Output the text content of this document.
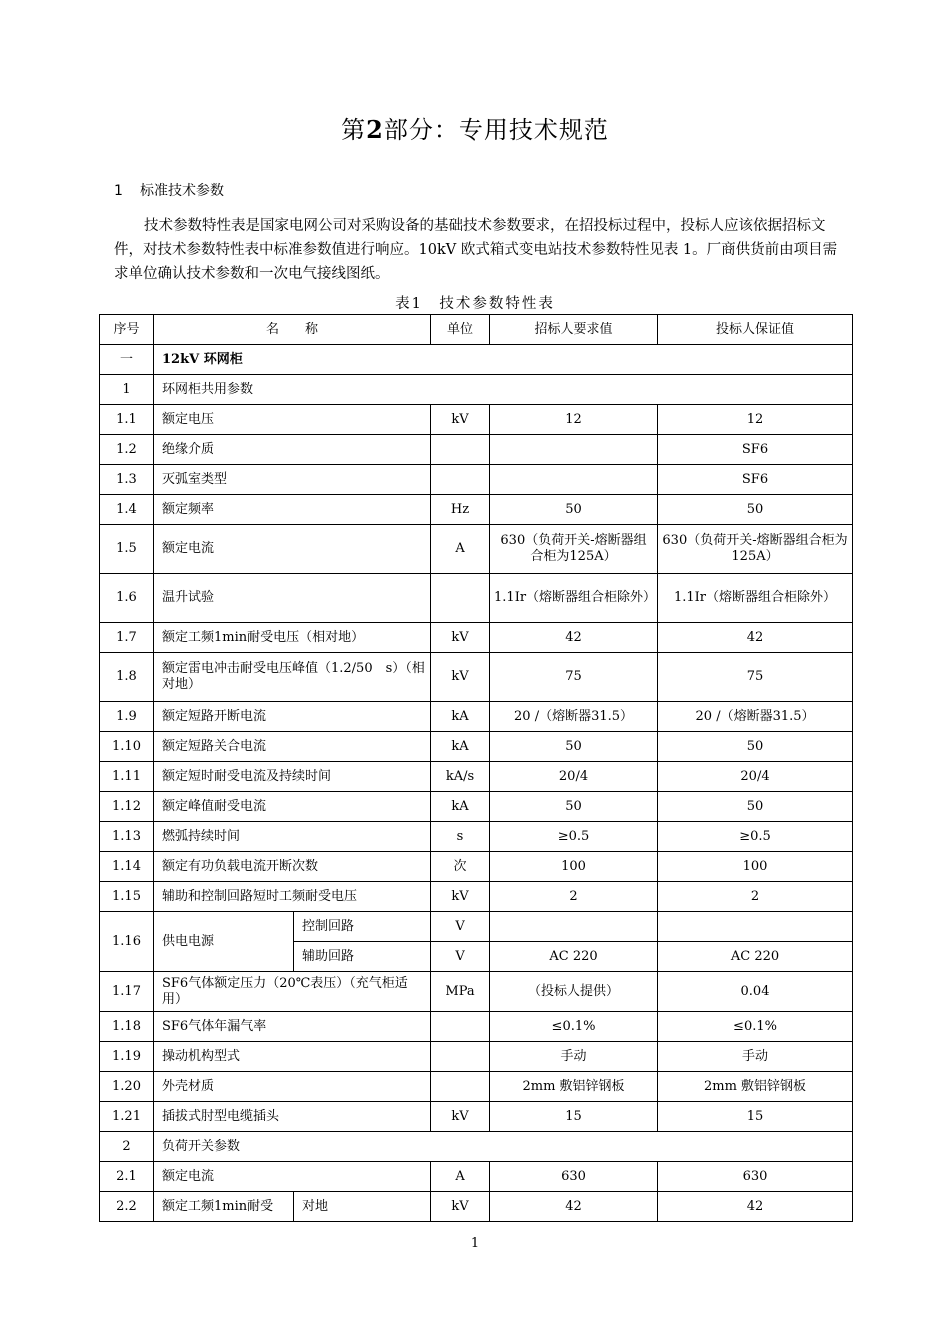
第2部分：专用技术规范
1 标准技术参数
技术参数特性表是国家电网公司对采购设备的基础技术参数要求，在招投标过程中，投标人应该依据招标文件，对技术参数特性表中标准参数值进行响应。10kV 欧式箱式变电站技术参数特性见表 1。厂商供货前由项目需求单位确认技术参数和一次电气接线图纸。
表1　技术参数特性表
序号	名　　称		单位	招标人要求值	投标人保证值
一	12kV 环网柜				
1	环网柜共用参数				
1.1	额定电压		kV	12	12
1.2	绝缘介质				SF6
1.3	灭弧室类型				SF6
1.4	额定频率		Hz	50	50
1.5	额定电流		A	630（负荷开关-熔断器组合柜为125A）	630（负荷开关-熔断器组合柜为125A）
1.6	温升试验			1.1Ir（熔断器组合柜除外）	1.1Ir（熔断器组合柜除外）
1.7	额定工频1min耐受电压（相对地）		kV	42	42
1.8	额定雷电冲击耐受电压峰值（1.2/50　s）（相对地）		kV	75	75
1.9	额定短路开断电流		kA	20 /（熔断器31.5）	20 /（熔断器31.5）
1.10	额定短路关合电流		kA	50	50
1.11	额定短时耐受电流及持续时间		kA/s	20/4	20/4
1.12	额定峰值耐受电流		kA	50	50
1.13	燃弧持续时间		s	≥0.5	≥0.5
1.14	额定有功负载电流开断次数		次	100	100
1.15	辅助和控制回路短时工频耐受电压		kV	2	2
1.16	供电电源	控制回路	V		
		辅助回路	V	AC 220	AC 220
1.17	SF6气体额定压力（20℃表压）（充气柜适用）		MPa	（投标人提供）	0.04
1.18	SF6气体年漏气率			≤0.1%	≤0.1%
1.19	操动机构型式			手动	手动
1.20	外壳材质			2mm 敷铝锌钢板	2mm 敷铝锌钢板
1.21	插拔式肘型电缆插头		kV	15	15
2	负荷开关参数				
2.1	额定电流		A	630	630
2.2	额定工频1min耐受	对地	kV	42	42
1
